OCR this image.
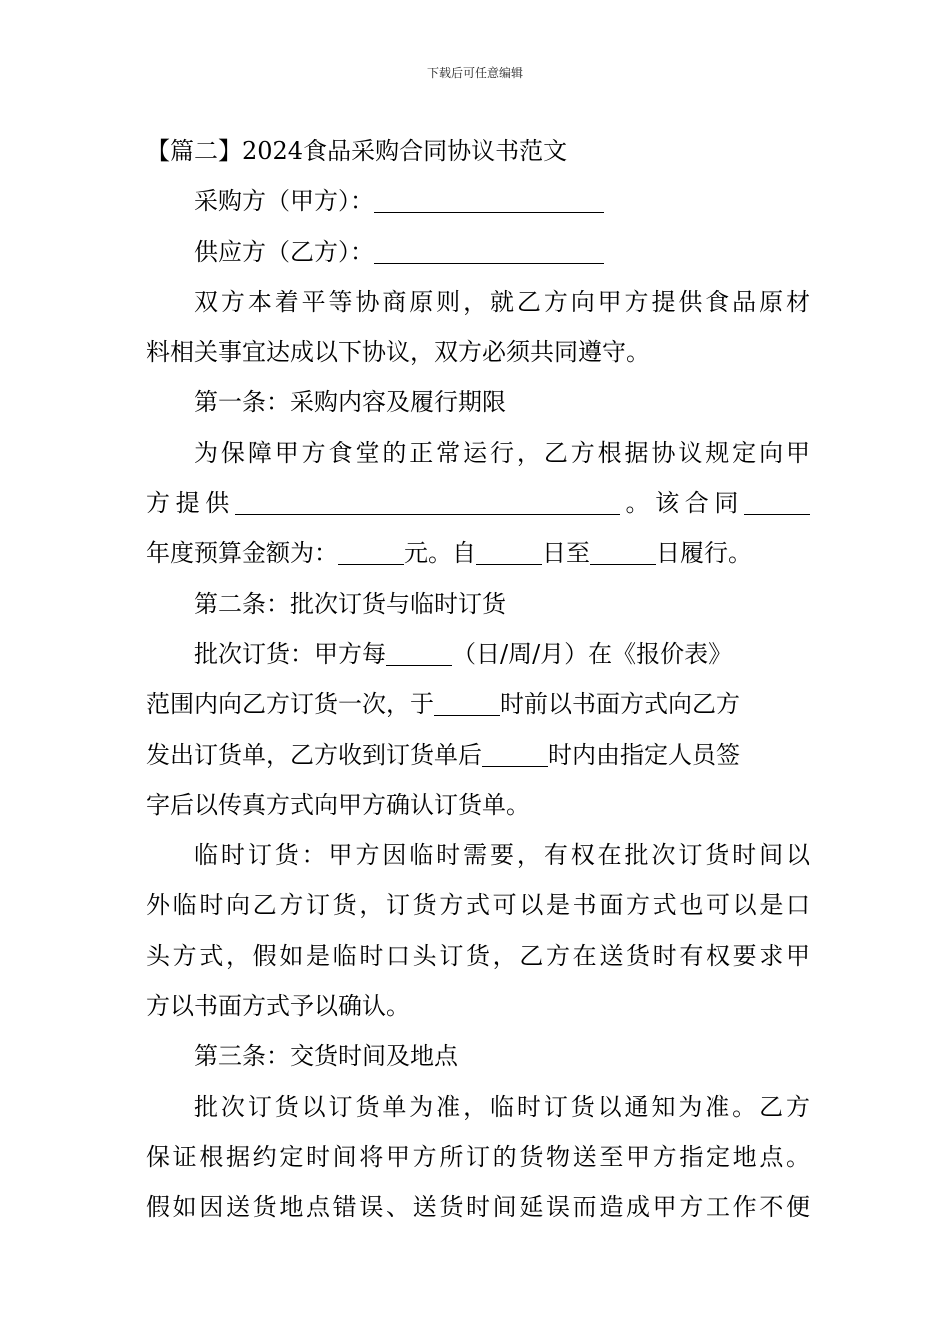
下载后可任意编辑
【篇二】2024食品采购合同协议书范文
采购方（甲方）：
供应方（乙方）：
双方本着平等协商原则，就乙方向甲方提供食品原材
料相关事宜达成以下协议，双方必须共同遵守。
第一条：采购内容及履行期限
为保障甲方食堂的正常运行，乙方根据协议规定向甲
方提供	。该合同
年度预算金额为：	元。自	日至	日履行。
第二条：批次订货与临时订货
批次订货：甲方每	（日/周/月）在《报价表》
范围内向乙方订货一次，于	时前以书面方式向乙方
发出订货单，乙方收到订货单后	时内由指定人员签
字后以传真方式向甲方确认订货单。
临时订货：甲方因临时需要，有权在批次订货时间以
外临时向乙方订货，订货方式可以是书面方式也可以是口
头方式，假如是临时口头订货，乙方在送货时有权要求甲
方以书面方式予以确认。
第三条：交货时间及地点
批次订货以订货单为准，临时订货以通知为准。乙方
保证根据约定时间将甲方所订的货物送至甲方指定地点。
假如因送货地点错误、送货时间延误而造成甲方工作不便
